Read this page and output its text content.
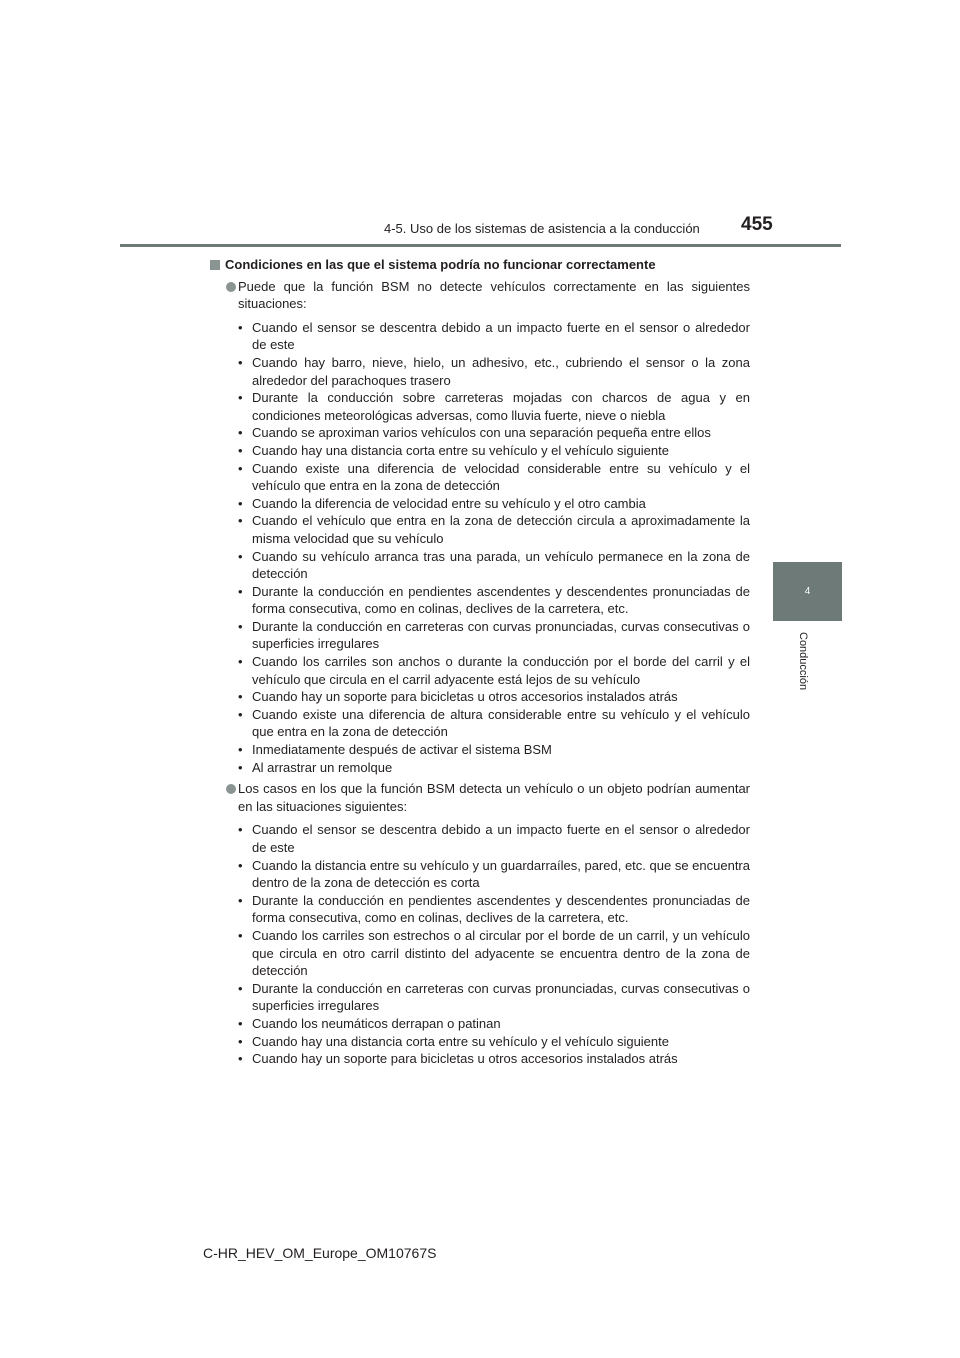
4-5. Uso de los sistemas de asistencia a la conducción 455
4
Conducción
Condiciones en las que el sistema podría no funcionar correctamente
Puede que la función BSM no detecte vehículos correctamente en las siguientes situaciones:
• Cuando el sensor se descentra debido a un impacto fuerte en el sensor o alrededor de este
• Cuando hay barro, nieve, hielo, un adhesivo, etc., cubriendo el sensor o la zona alrededor del parachoques trasero
• Durante la conducción sobre carreteras mojadas con charcos de agua y en condiciones meteorológicas adversas, como lluvia fuerte, nieve o niebla
• Cuando se aproximan varios vehículos con una separación pequeña entre ellos
• Cuando hay una distancia corta entre su vehículo y el vehículo siguiente
• Cuando existe una diferencia de velocidad considerable entre su vehículo y el vehículo que entra en la zona de detección
• Cuando la diferencia de velocidad entre su vehículo y el otro cambia
• Cuando el vehículo que entra en la zona de detección circula a aproximadamente la misma velocidad que su vehículo
• Cuando su vehículo arranca tras una parada, un vehículo permanece en la zona de detección
• Durante la conducción en pendientes ascendentes y descendentes pronunciadas de forma consecutiva, como en colinas, declives de la carretera, etc.
• Durante la conducción en carreteras con curvas pronunciadas, curvas consecutivas o superficies irregulares
• Cuando los carriles son anchos o durante la conducción por el borde del carril y el vehículo que circula en el carril adyacente está lejos de su vehículo
• Cuando hay un soporte para bicicletas u otros accesorios instalados atrás
• Cuando existe una diferencia de altura considerable entre su vehículo y el vehículo que entra en la zona de detección
• Inmediatamente después de activar el sistema BSM
• Al arrastrar un remolque
Los casos en los que la función BSM detecta un vehículo o un objeto podrían aumentar en las situaciones siguientes:
• Cuando el sensor se descentra debido a un impacto fuerte en el sensor o alrededor de este
• Cuando la distancia entre su vehículo y un guardarraíles, pared, etc. que se encuentra dentro de la zona de detección es corta
• Durante la conducción en pendientes ascendentes y descendentes pronunciadas de forma consecutiva, como en colinas, declives de la carretera, etc.
• Cuando los carriles son estrechos o al circular por el borde de un carril, y un vehículo que circula en otro carril distinto del adyacente se encuentra dentro de la zona de detección
• Durante la conducción en carreteras con curvas pronunciadas, curvas consecutivas o superficies irregulares
• Cuando los neumáticos derrapan o patinan
• Cuando hay una distancia corta entre su vehículo y el vehículo siguiente
• Cuando hay un soporte para bicicletas u otros accesorios instalados atrás
C-HR_HEV_OM_Europe_OM10767S
